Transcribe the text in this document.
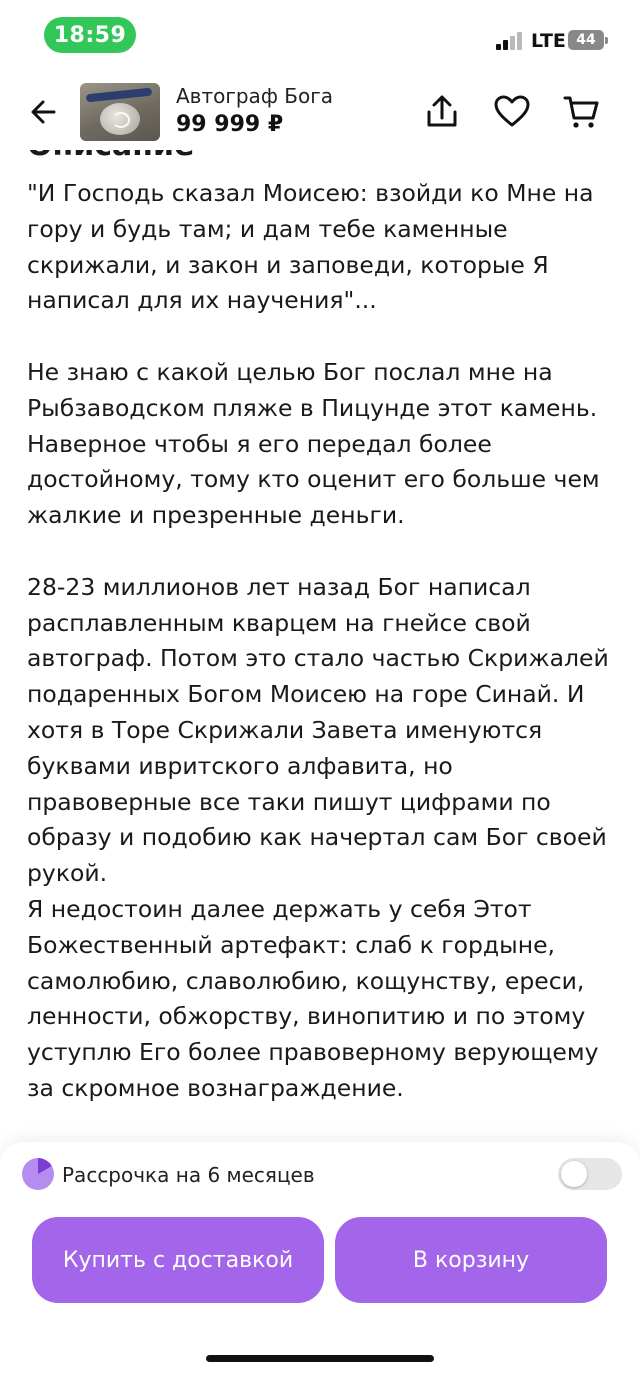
18:59	LTE 44
Автограф Бога
99 999 ₽
"И Господь сказал Моисею: взойди ко Мне на гору и будь там; и дам тебе каменные скрижали, и закон и заповеди, которые Я написал для их научения"...

Не знаю с какой целью Бог послал мне на Рыбзаводском пляже в Пицунде этот камень. Наверное чтобы я его передал более достойному, тому кто оценит его больше чем жалкие и презренные деньги.

28-23 миллионов лет назад Бог написал расплавленным кварцем на гнейсе свой автограф. Потом это стало частью Скрижалей подаренных Богом Моисею на горе Синай. И хотя в Торе Скрижали Завета именуются буквами ивритского алфавита, но правоверные все таки пишут цифрами по образу и подобию как начертал сам Бог своей рукой.
Я недостоин далее держать у себя Этот Божественный артефакт: слаб к гордыне, самолюбию, славолюбию, кощунству, ереси, ленности, обжорству, винопитию и по этому уступлю Его более правоверному верующему за скромное вознаграждение.
Рассрочка на 6 месяцев
Купить с доставкой	В корзину
